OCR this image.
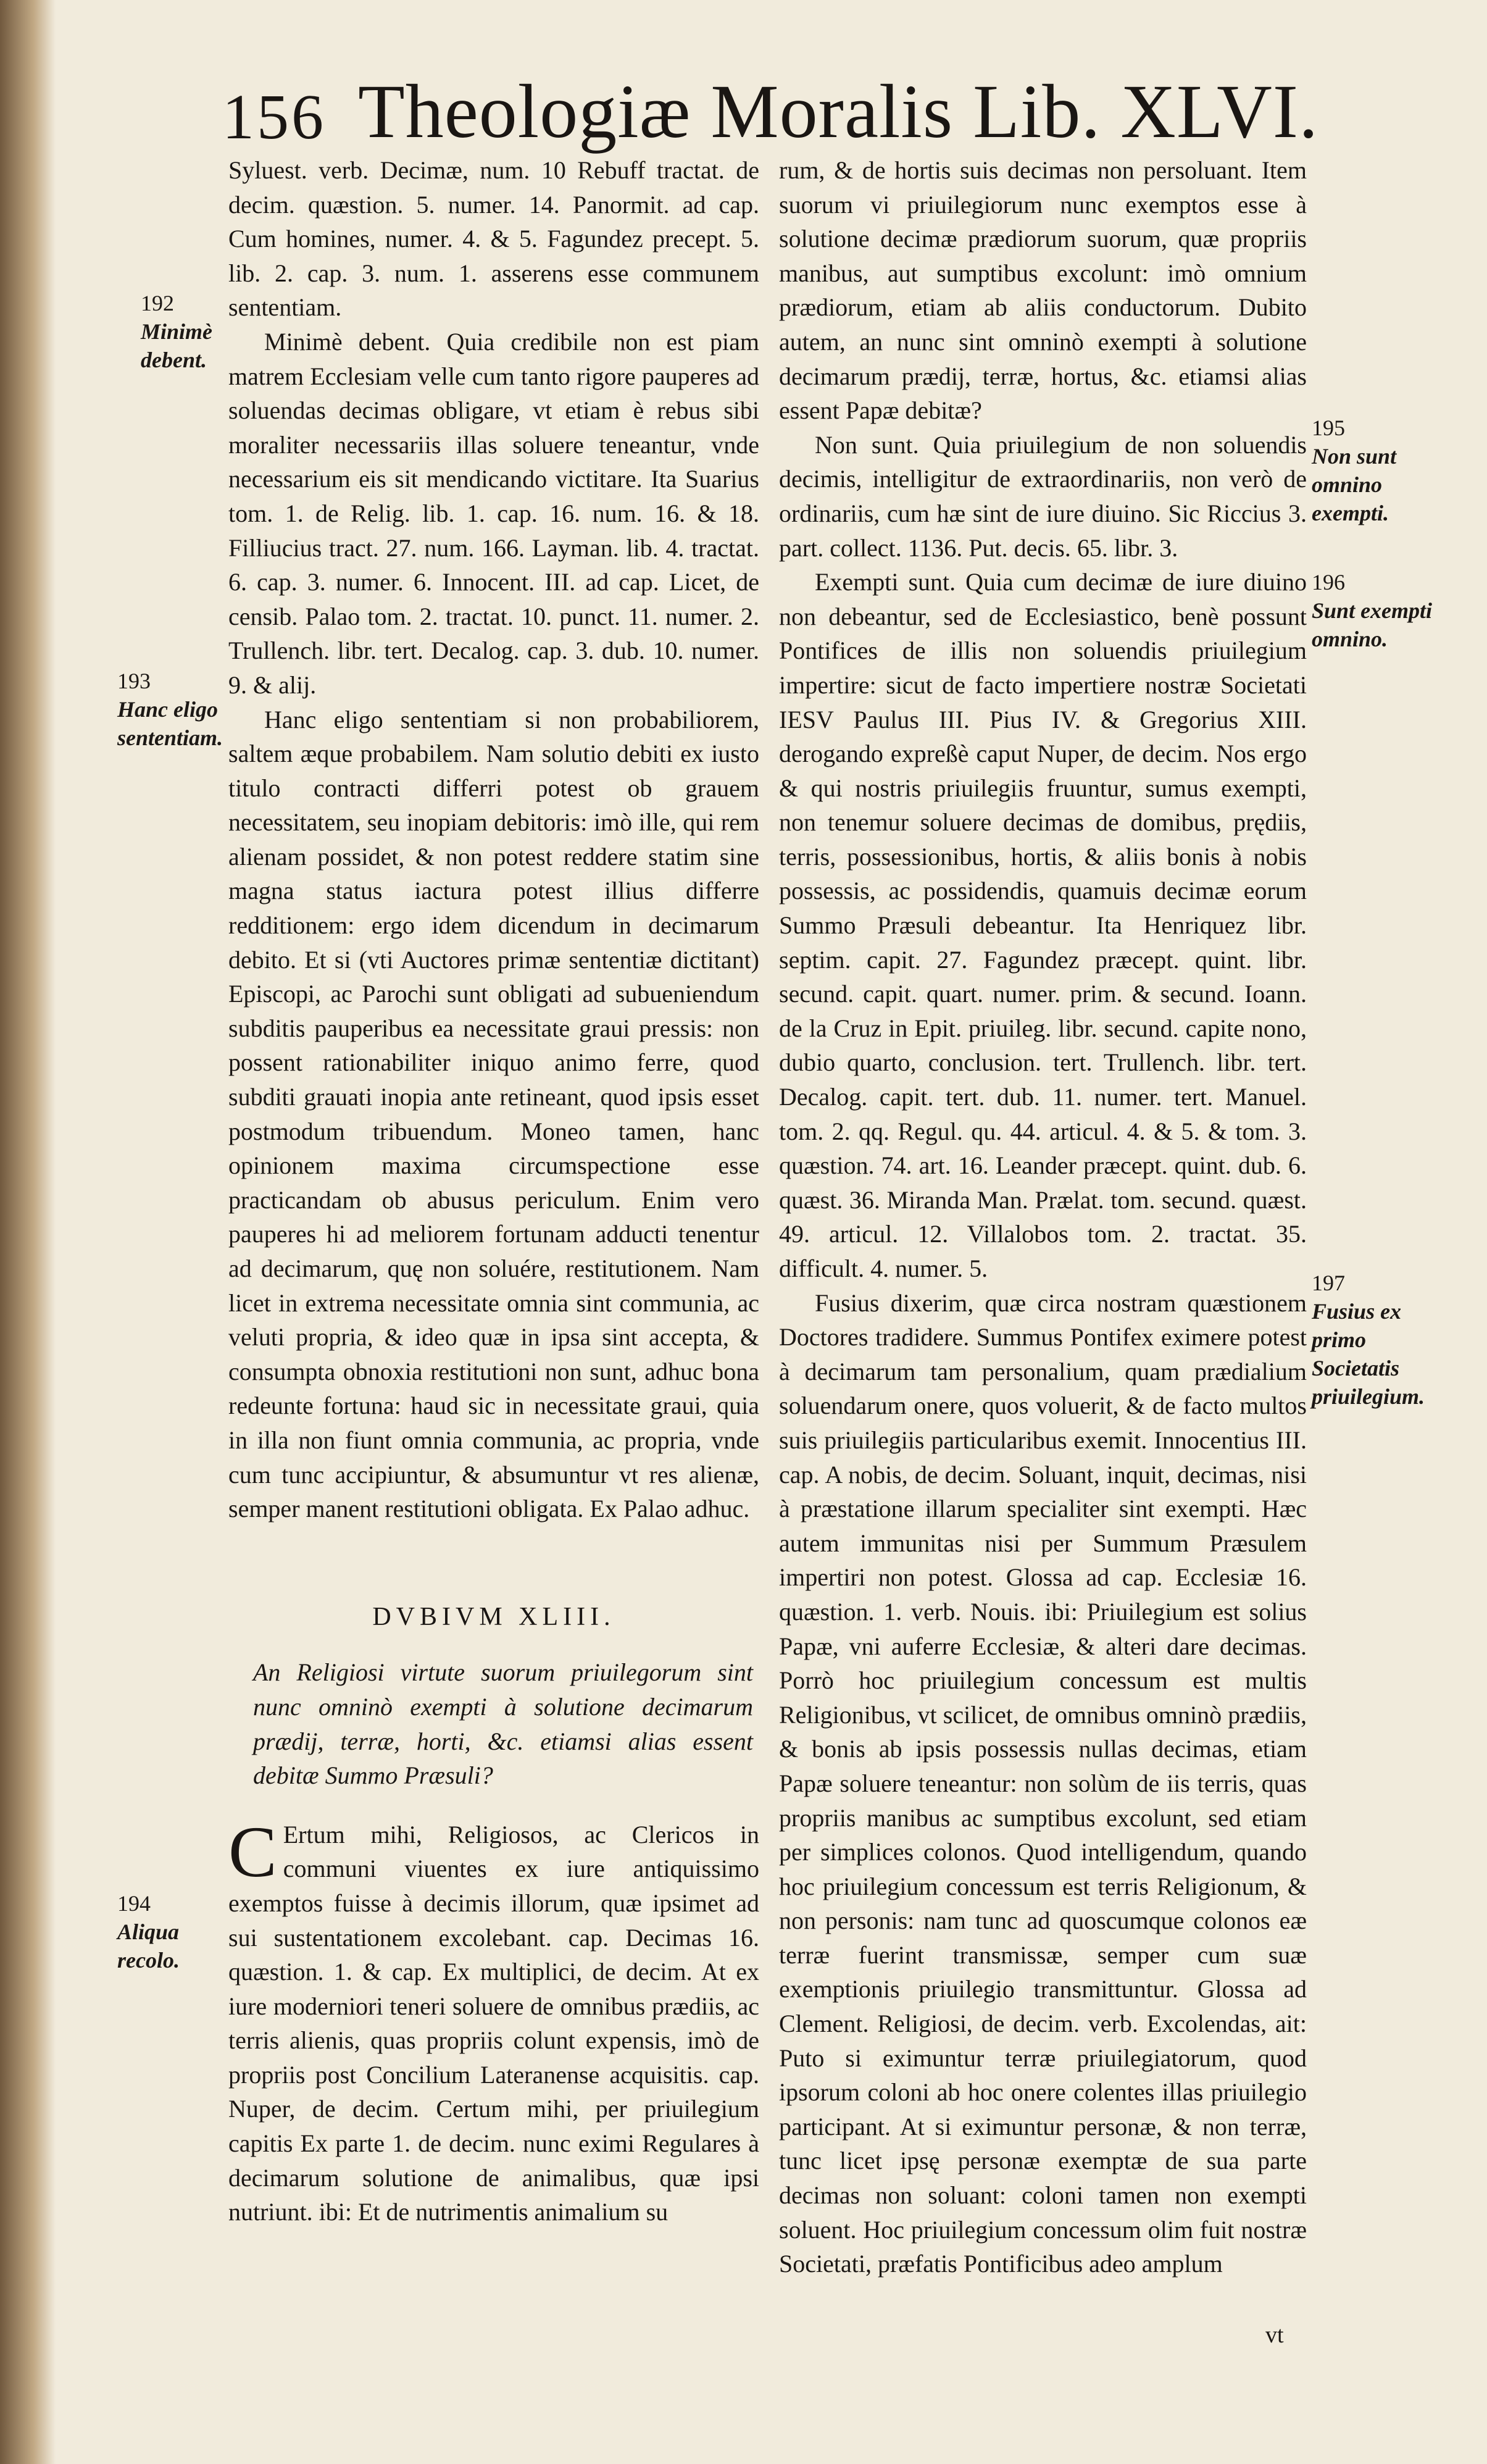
156 Theologiæ Moralis Lib. XLVI.

Syluest. verb. Decimæ, num. 10 Rebuff tractat. de decim. quæstion. 5. numer. 14. Panormit. ad cap. Cum homines, numer. 4. & 5. Fagundez precept. 5. lib. 2. cap. 3. num. 1. asserens esse communem sententiam.

Minimè debent. Quia credibile non est piam matrem Ecclesiam velle cum tanto rigore pauperes ad soluendas decimas obligare, vt etiam è rebus sibi moraliter necessariis illas soluere teneantur, vnde necessarium eis sit mendicando victitare. Ita Suarius tom. 1. de Relig. lib. 1. cap. 16. num. 16. & 18. Filliucius tract. 27. num. 166. Layman. lib. 4. tractat. 6. cap. 3. numer. 6. Innocent. III. ad cap. Licet, de censib. Palao tom. 2. tractat. 10. punct. 11. numer. 2. Trullench. libr. tert. Decalog. cap. 3. dub. 10. numer. 9. & alij.

Hanc eligo sententiam si non probabiliorem, saltem æque probabilem. Nam solutio debiti ex iusto titulo contracti differri potest ob grauem necessitatem, seu inopiam debitoris: imò ille, qui rem alienam possidet, & non potest reddere statim sine magna status iactura potest illius differre redditionem: ergo idem dicendum in decimarum debito. Et si (vti Auctores primæ sententiæ dictitant) Episcopi, ac Parochi sunt obligati ad subueniendum subditis pauperibus ea necessitate graui pressis: non possent rationabiliter iniquo animo ferre, quod subditi grauati inopia ante retineant, quod ipsis esset postmodum tribuendum. Moneo tamen, hanc opinionem maxima circumspectione esse practicandam ob abusus periculum. Enim vero pauperes hi ad meliorem fortunam adducti tenentur ad decimarum, quę non soluére, restitutionem. Nam licet in extrema necessitate omnia sint communia, ac veluti propria, & ideo quæ in ipsa sint accepta, & consumpta obnoxia restitutioni non sunt, adhuc bona redeunte fortuna: haud sic in necessitate graui, quia in illa non fiunt omnia communia, ac propria, vnde cum tunc accipiuntur, & absumuntur vt res alienæ, semper manent restitutioni obligata. Ex Palao adhuc.

DVBIVM XLIII.

An Religiosi virtute suorum priuilegorum sint nunc omninò exempti à solutione decimarum prædij, terræ, horti, &c. etiamsi alias essent debitæ Summo Præsuli?

C Ertum mihi, Religiosos, ac Clericos in communi viuentes ex iure antiquissimo exemptos fuisse à decimis illorum, quæ ipsimet ad sui sustentationem excolebant. cap. Decimas 16. quæstion. 1. & cap. Ex multiplici, de decim. At ex iure moderniori teneri soluere de omnibus prædiis, ac terris alienis, quas propriis colunt expensis, imò de propriis post Concilium Lateranense acquisitis. cap. Nuper, de decim. Certum mihi, per priuilegium capitis Ex parte 1. de decim. nunc eximi Regulares à decimarum solutione de animalibus, quæ ipsi nutriunt. ibi: Et de nutrimentis animalium su

rum, & de hortis suis decimas non persoluant. Item suorum vi priuilegiorum nunc exemptos esse à solutione decimæ prædiorum suorum, quæ propriis manibus, aut sumptibus excolunt: imò omnium prædiorum, etiam ab aliis conductorum. Dubito autem, an nunc sint omninò exempti à solutione decimarum prædij, terræ, hortus, &c. etiamsi alias essent Papæ debitæ?

Non sunt. Quia priuilegium de non soluendis decimis, intelligitur de extraordinariis, non verò de ordinariis, cum hæ sint de iure diuino. Sic Riccius 3. part. collect. 1136. Put. decis. 65. libr. 3.

Exempti sunt. Quia cum decimæ de iure diuino non debeantur, sed de Ecclesiastico, benè possunt Pontifices de illis non soluendis priuilegium impertire: sicut de facto impertiere nostræ Societati IESV Paulus III. Pius IV. & Gregorius XIII. derogando expreßè caput Nuper, de decim. Nos ergo & qui nostris priuilegiis fruuntur, sumus exempti, non tenemur soluere decimas de domibus, prędiis, terris, possessionibus, hortis, & aliis bonis à nobis possessis, ac possidendis, quamuis decimæ eorum Summo Præsuli debeantur. Ita Henriquez libr. septim. capit. 27. Fagundez præcept. quint. libr. secund. capit. quart. numer. prim. & secund. Ioann. de la Cruz in Epit. priuileg. libr. secund. capite nono, dubio quarto, conclusion. tert. Trullench. libr. tert. Decalog. capit. tert. dub. 11. numer. tert. Manuel. tom. 2. qq. Regul. qu. 44. articul. 4. & 5. & tom. 3. quæstion. 74. art. 16. Leander præcept. quint. dub. 6. quæst. 36. Miranda Man. Prælat. tom. secund. quæst. 49. articul. 12. Villalobos tom. 2. tractat. 35. difficult. 4. numer. 5.

Fusius dixerim, quæ circa nostram quæstionem Doctores tradidere. Summus Pontifex eximere potest à decimarum tam personalium, quam prædialium soluendarum onere, quos voluerit, & de facto multos suis priuilegiis particularibus exemit. Innocentius III. cap. A nobis, de decim. Soluant, inquit, decimas, nisi à præstatione illarum specialiter sint exempti. Hæc autem immunitas nisi per Summum Præsulem impertiri non potest. Glossa ad cap. Ecclesiæ 16. quæstion. 1. verb. Nouis. ibi: Priuilegium est solius Papæ, vni auferre Ecclesiæ, & alteri dare decimas. Porrò hoc priuilegium concessum est multis Religionibus, vt scilicet, de omnibus omninò prædiis, & bonis ab ipsis possessis nullas decimas, etiam Papæ soluere teneantur: non solùm de iis terris, quas propriis manibus ac sumptibus excolunt, sed etiam per simplices colonos. Quod intelligendum, quando hoc priuilegium concessum est terris Religionum, & non personis: nam tunc ad quoscumque colonos eæ terræ fuerint transmissæ, semper cum suæ exemptionis priuilegio transmittuntur. Glossa ad Clement. Religiosi, de decim. verb. Excolendas, ait: Puto si eximuntur terræ priuilegiatorum, quod ipsorum coloni ab hoc onere colentes illas priuilegio participant. At si eximuntur personæ, & non terræ, tunc licet ipsę personæ exemptæ de sua parte decimas non soluant: coloni tamen non exempti soluent. Hoc priuilegium concessum olim fuit nostræ Societati, præfatis Pontificibus adeo amplum

192
Minimè debent.
193
Hanc eligo sententiam.
194
Aliqua recolo.
195
Non sunt omnino exempti.
196
Sunt exempti omnino.
197
Fusius ex primo Societatis priuilegium.
vt
